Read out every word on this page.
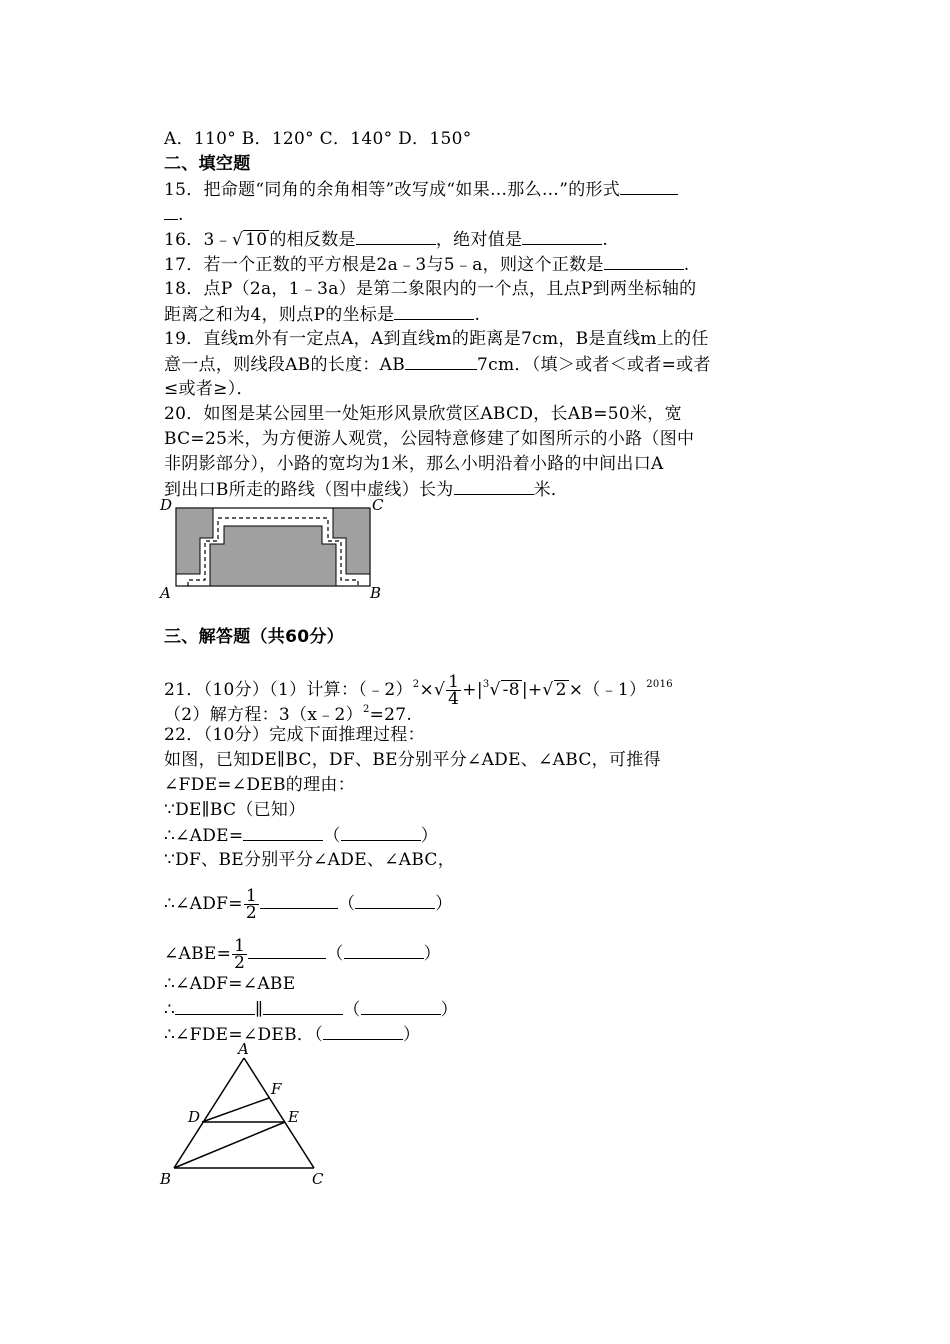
A．110° B．120° C．140° D．150°
二、填空题
15．把命题“同角的余角相等”改写成“如果…那么…”的形式
.
16．3﹣√ 10 的相反数是	，绝对值是	.
17．若一个正数的平方根是2a﹣3与5﹣a，则这个正数是	.
18．点P（2a，1﹣3a）是第二象限内的一个点，且点P到两坐标轴的
距离之和为4，则点P的坐标是	.
19．直线m外有一定点A，A到直线m的距离是7cm，B是直线m上的任
意一点，则线段AB的长度：AB	7cm．（填＞或者＜或者=或者
≤或者≥）．
20．如图是某公园里一处矩形风景欣赏区ABCD，长AB=50米，宽
BC=25米，为方便游人观赏，公园特意修建了如图所示的小路（图中
非阴影部分），小路的宽均为1米，那么小明沿着小路的中间出口A
到出口B所走的路线（图中虚线）长为	米．
D	C
A	B
三、解答题（共60分）
21．（10分）（1）计算：（﹣2）$^2$×√ $\frac{1}{4} +|^3√$ -8 |+√ 2 ×（﹣1）$^{2016}$
（2）解方程：3（x﹣2）$^2$=27.
22．（10分）完成下面推理过程：
如图，已知DE∥BC，DF、BE分别平分∠ADE、∠ABC，可推得
∠FDE=∠DEB的理由：
∵DE∥BC（已知）
∴∠ADE=	（	）
∵DF、BE分别平分∠ADE、∠ABC，
∴∠ADF= $\frac{1}{2}$	（	）
∠ABE= $\frac{1}{2}$	（	）
∴∠ADF=∠ABE
∴	∥	（	）
∴∠FDE=∠DEB．（	）
A
F
D	E
B	C
